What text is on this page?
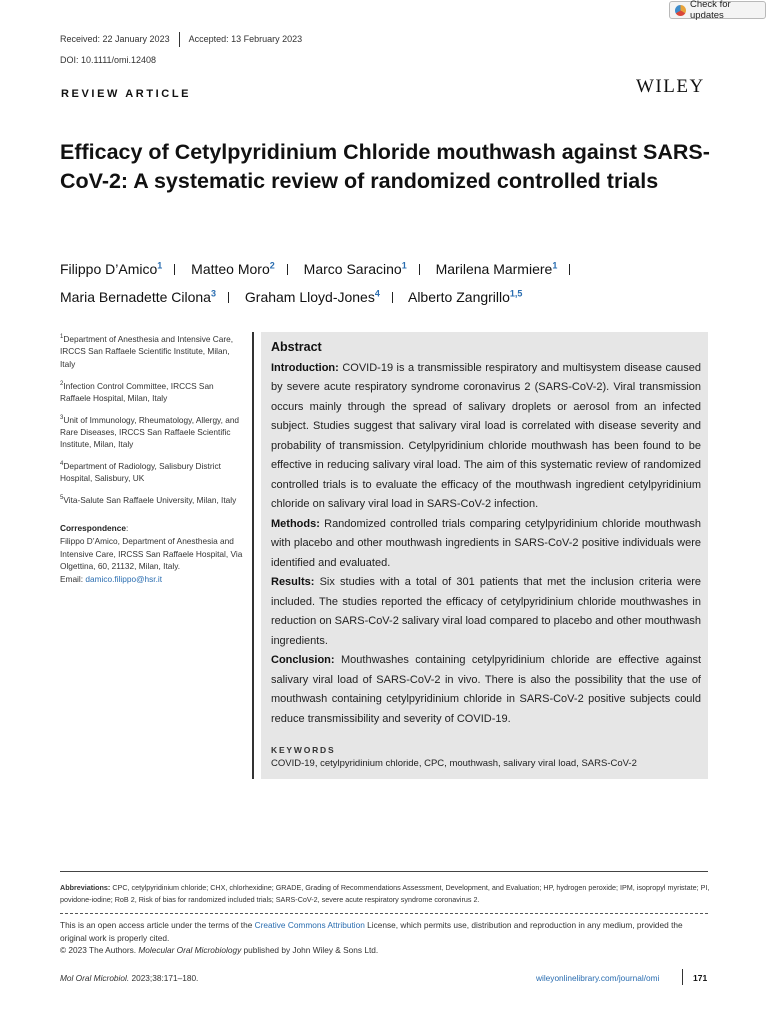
Check for updates
Received: 22 January 2023 Accepted: 13 February 2023
DOI: 10.1111/omi.12408
REVIEW ARTICLE	WILEY
Efficacy of Cetylpyridinium Chloride mouthwash against SARS-CoV-2: A systematic review of randomized controlled trials
Filippo D’Amico$^1$ Matteo Moro$^2$ Marco Saracino$^1$ Marilena Marmiere$^1$
Maria Bernadette Cilona$^3$ Graham Lloyd-Jones$^4$ Alberto Zangrillo$^{1,5}$

$^1$Department of Anesthesia and Intensive Care, IRCCS San Raffaele Scientific Institute, Milan, Italy

$^2$Infection Control Committee, IRCCS San Raffaele Hospital, Milan, Italy

$^3$Unit of Immunology, Rheumatology, Allergy, and Rare Diseases, IRCCS San Raffaele Scientific Institute, Milan, Italy

$^4$Department of Radiology, Salisbury District Hospital, Salisbury, UK

$^5$Vita-Salute San Raffaele University, Milan, Italy

Correspondence:
Filippo D’Amico, Department of Anesthesia and Intensive Care, IRCSS San Raffaele Hospital, Via Olgettina, 60, 21132, Milan, Italy.
Email: damico.filippo@hsr.it

Abstract

Introduction: COVID-19 is a transmissible respiratory and multisystem disease caused by severe acute respiratory syndrome coronavirus 2 (SARS-CoV-2). Viral transmission occurs mainly through the spread of salivary droplets or aerosol from an infected subject. Studies suggest that salivary viral load is correlated with disease severity and probability of transmission. Cetylpyridinium chloride mouthwash has been found to be effective in reducing salivary viral load. The aim of this systematic review of randomized controlled trials is to evaluate the efficacy of the mouthwash ingredient cetylpyridinium chloride on salivary viral load in SARS-CoV-2 infection.

Methods: Randomized controlled trials comparing cetylpyridinium chloride mouthwash with placebo and other mouthwash ingredients in SARS-CoV-2 positive individuals were identified and evaluated.

Results: Six studies with a total of 301 patients that met the inclusion criteria were included. The studies reported the efficacy of cetylpyridinium chloride mouthwashes in reduction on SARS-CoV-2 salivary viral load compared to placebo and other mouthwash ingredients.

Conclusion: Mouthwashes containing cetylpyridinium chloride are effective against salivary viral load of SARS-CoV-2 in vivo. There is also the possibility that the use of mouthwash containing cetylpyridinium chloride in SARS-CoV-2 positive subjects could reduce transmissibility and severity of COVID-19.

KEYWORDS
COVID-19, cetylpyridinium chloride, CPC, mouthwash, salivary viral load, SARS-CoV-2
Abbreviations: CPC, cetylpyridinium chloride; CHX, chlorhexidine; GRADE, Grading of Recommendations Assessment, Development, and Evaluation; HP, hydrogen peroxide; IPM, isopropyl myristate; PI, povidone-iodine; RoB 2, Risk of bias for randomized included trials; SARS-CoV-2, severe acute respiratory syndrome coronavirus 2.
This is an open access article under the terms of the Creative Commons Attribution License, which permits use, distribution and reproduction in any medium, provided the original work is properly cited.
© 2023 The Authors. Molecular Oral Microbiology published by John Wiley & Sons Ltd.
Mol Oral Microbiol. 2023;38:171–180.	wileyonlinelibrary.com/journal/omi	171
